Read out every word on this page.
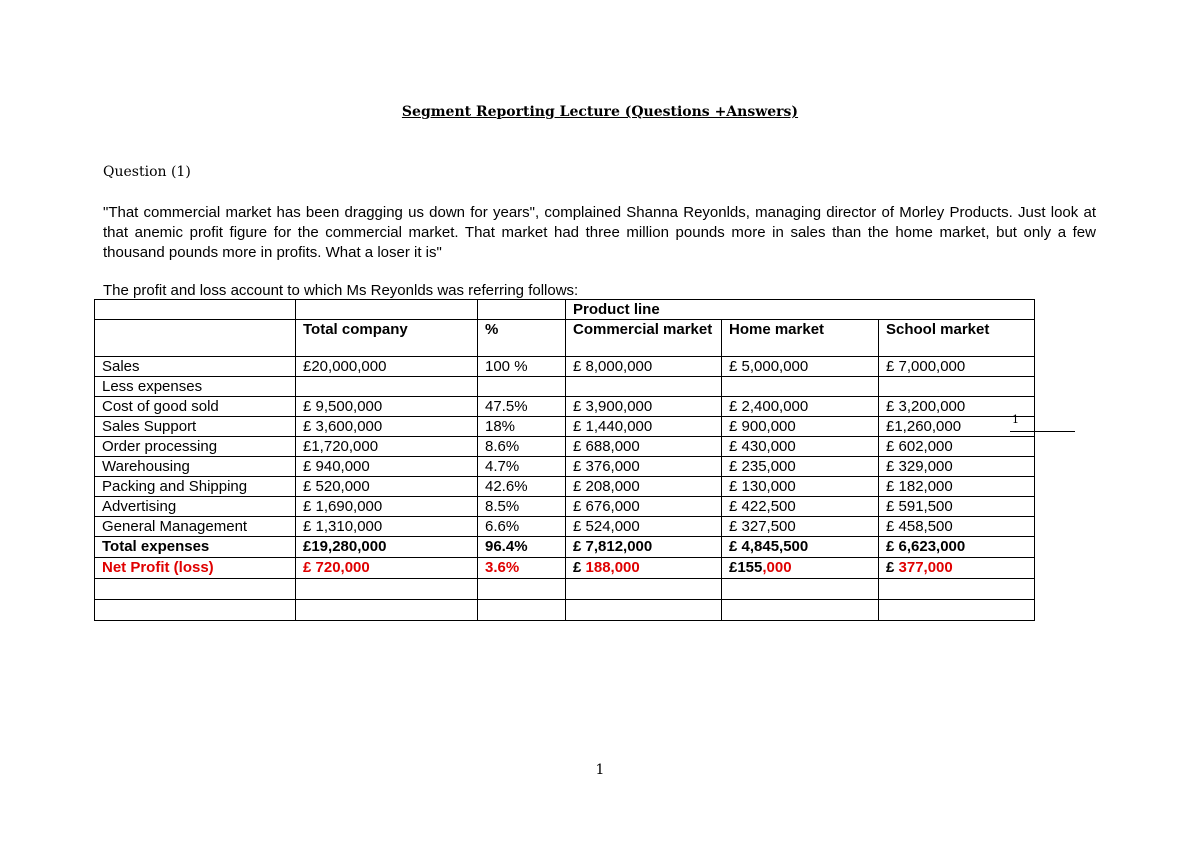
Segment Reporting Lecture (Questions +Answers)
Question (1)
"That commercial market has been dragging us down for years", complained Shanna Reyonlds, managing director of Morley Products. Just look at that anemic profit figure for the commercial market. That market had three million pounds more in sales than the home market, but only a few thousand pounds more in profits. What a loser it is"
The profit and loss account to which Ms Reyonlds was referring follows:
			Product line		
	Total company	%	Commercial market	Home market	School market
Sales	£20,000,000	100 %	£ 8,000,000	£ 5,000,000	£ 7,000,000
Less expenses					
Cost of good sold	£ 9,500,000	47.5%	£ 3,900,000	£ 2,400,000	£ 3,200,000
Sales Support	£ 3,600,000	18%	£ 1,440,000	£ 900,000	£1,260,000
Order processing	£1,720,000	8.6%	£ 688,000	£ 430,000	£ 602,000
Warehousing	£ 940,000	4.7%	£ 376,000	£ 235,000	£ 329,000
Packing and Shipping	£ 520,000	42.6%	£ 208,000	£ 130,000	£ 182,000
Advertising	£ 1,690,000	8.5%	£ 676,000	£ 422,500	£ 591,500
General Management	£ 1,310,000	6.6%	£ 524,000	£ 327,500	£ 458,500
Total expenses	£19,280,000	96.4%	£ 7,812,000	£ 4,845,500	£ 6,623,000
Net Profit (loss)	£ 720,000	3.6%	£ 188,000	£155,000	£ 377,000

1
1
